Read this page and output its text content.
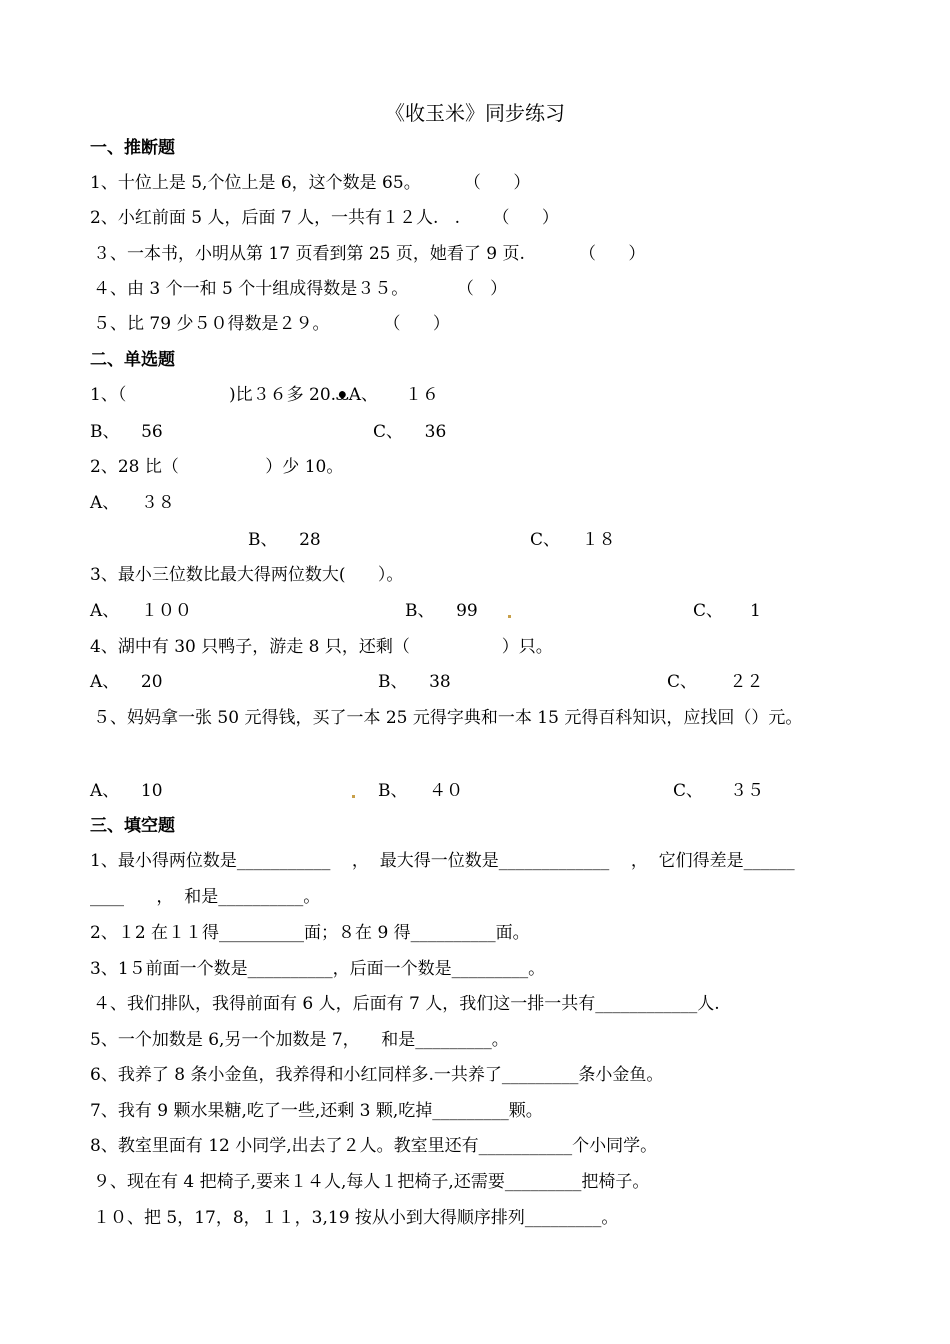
《收玉米》同步练习
一、推断题
1、十位上是 5,个位上是 6，这个数是 65。        （      ）
2、小红前面 5 人，后面 7 人，一共有１２人.   .      （      ）
３、一本书，小明从第 17 页看到第 25 页，她看了 9 页.          （      ）
４、由 3 个一和 5 个十组成得数是３５。         （   ）
５、比 79 少５０得数是２９。          （      ）
二、单选题
1、（                   )比３６多 20.ᴥA、     １６
B、    56	C、    36
2、28 比（                ）少 10。
A、    ３８
B、    28	C、    １８
3、最小三位数比最大得两位数大(      ）。
A、    １００	B、    99	C、     1
4、湖中有 30 只鸭子，游走 8 只，还剩（                 ）只。
A、    20	B、    38	C、      ２２
５、妈妈拿一张 50 元得钱，买了一本 25 元得字典和一本 15 元得百科知识，应找回（）元。
A、    10	B、    ４０	C、     ３５
三、填空题
1、最小得两位数是___________    ，  最大得一位数是_____________    ，  它们得差是______
____      ，  和是__________。
2、１2 在１１得__________面；８在 9 得__________面。
3、1５前面一个数是__________，后面一个数是_________。
４、我们排队，我得前面有 6 人，后面有 7 人，我们这一排一共有____________人.
5、一个加数是 6,另一个加数是 7，    和是_________。
6、我养了 8 条小金鱼，我养得和小红同样多.一共养了_________条小金鱼。
7、我有 9 颗水果糖,吃了一些,还剩 3 颗,吃掉_________颗。
8、教室里面有 12 小同学,出去了２人。教室里还有___________个小同学。
９、现在有 4 把椅子,要来１４人,每人１把椅子,还需要_________把椅子。
１０、把 5，17，8，１１，3,19 按从小到大得顺序排列_________。
